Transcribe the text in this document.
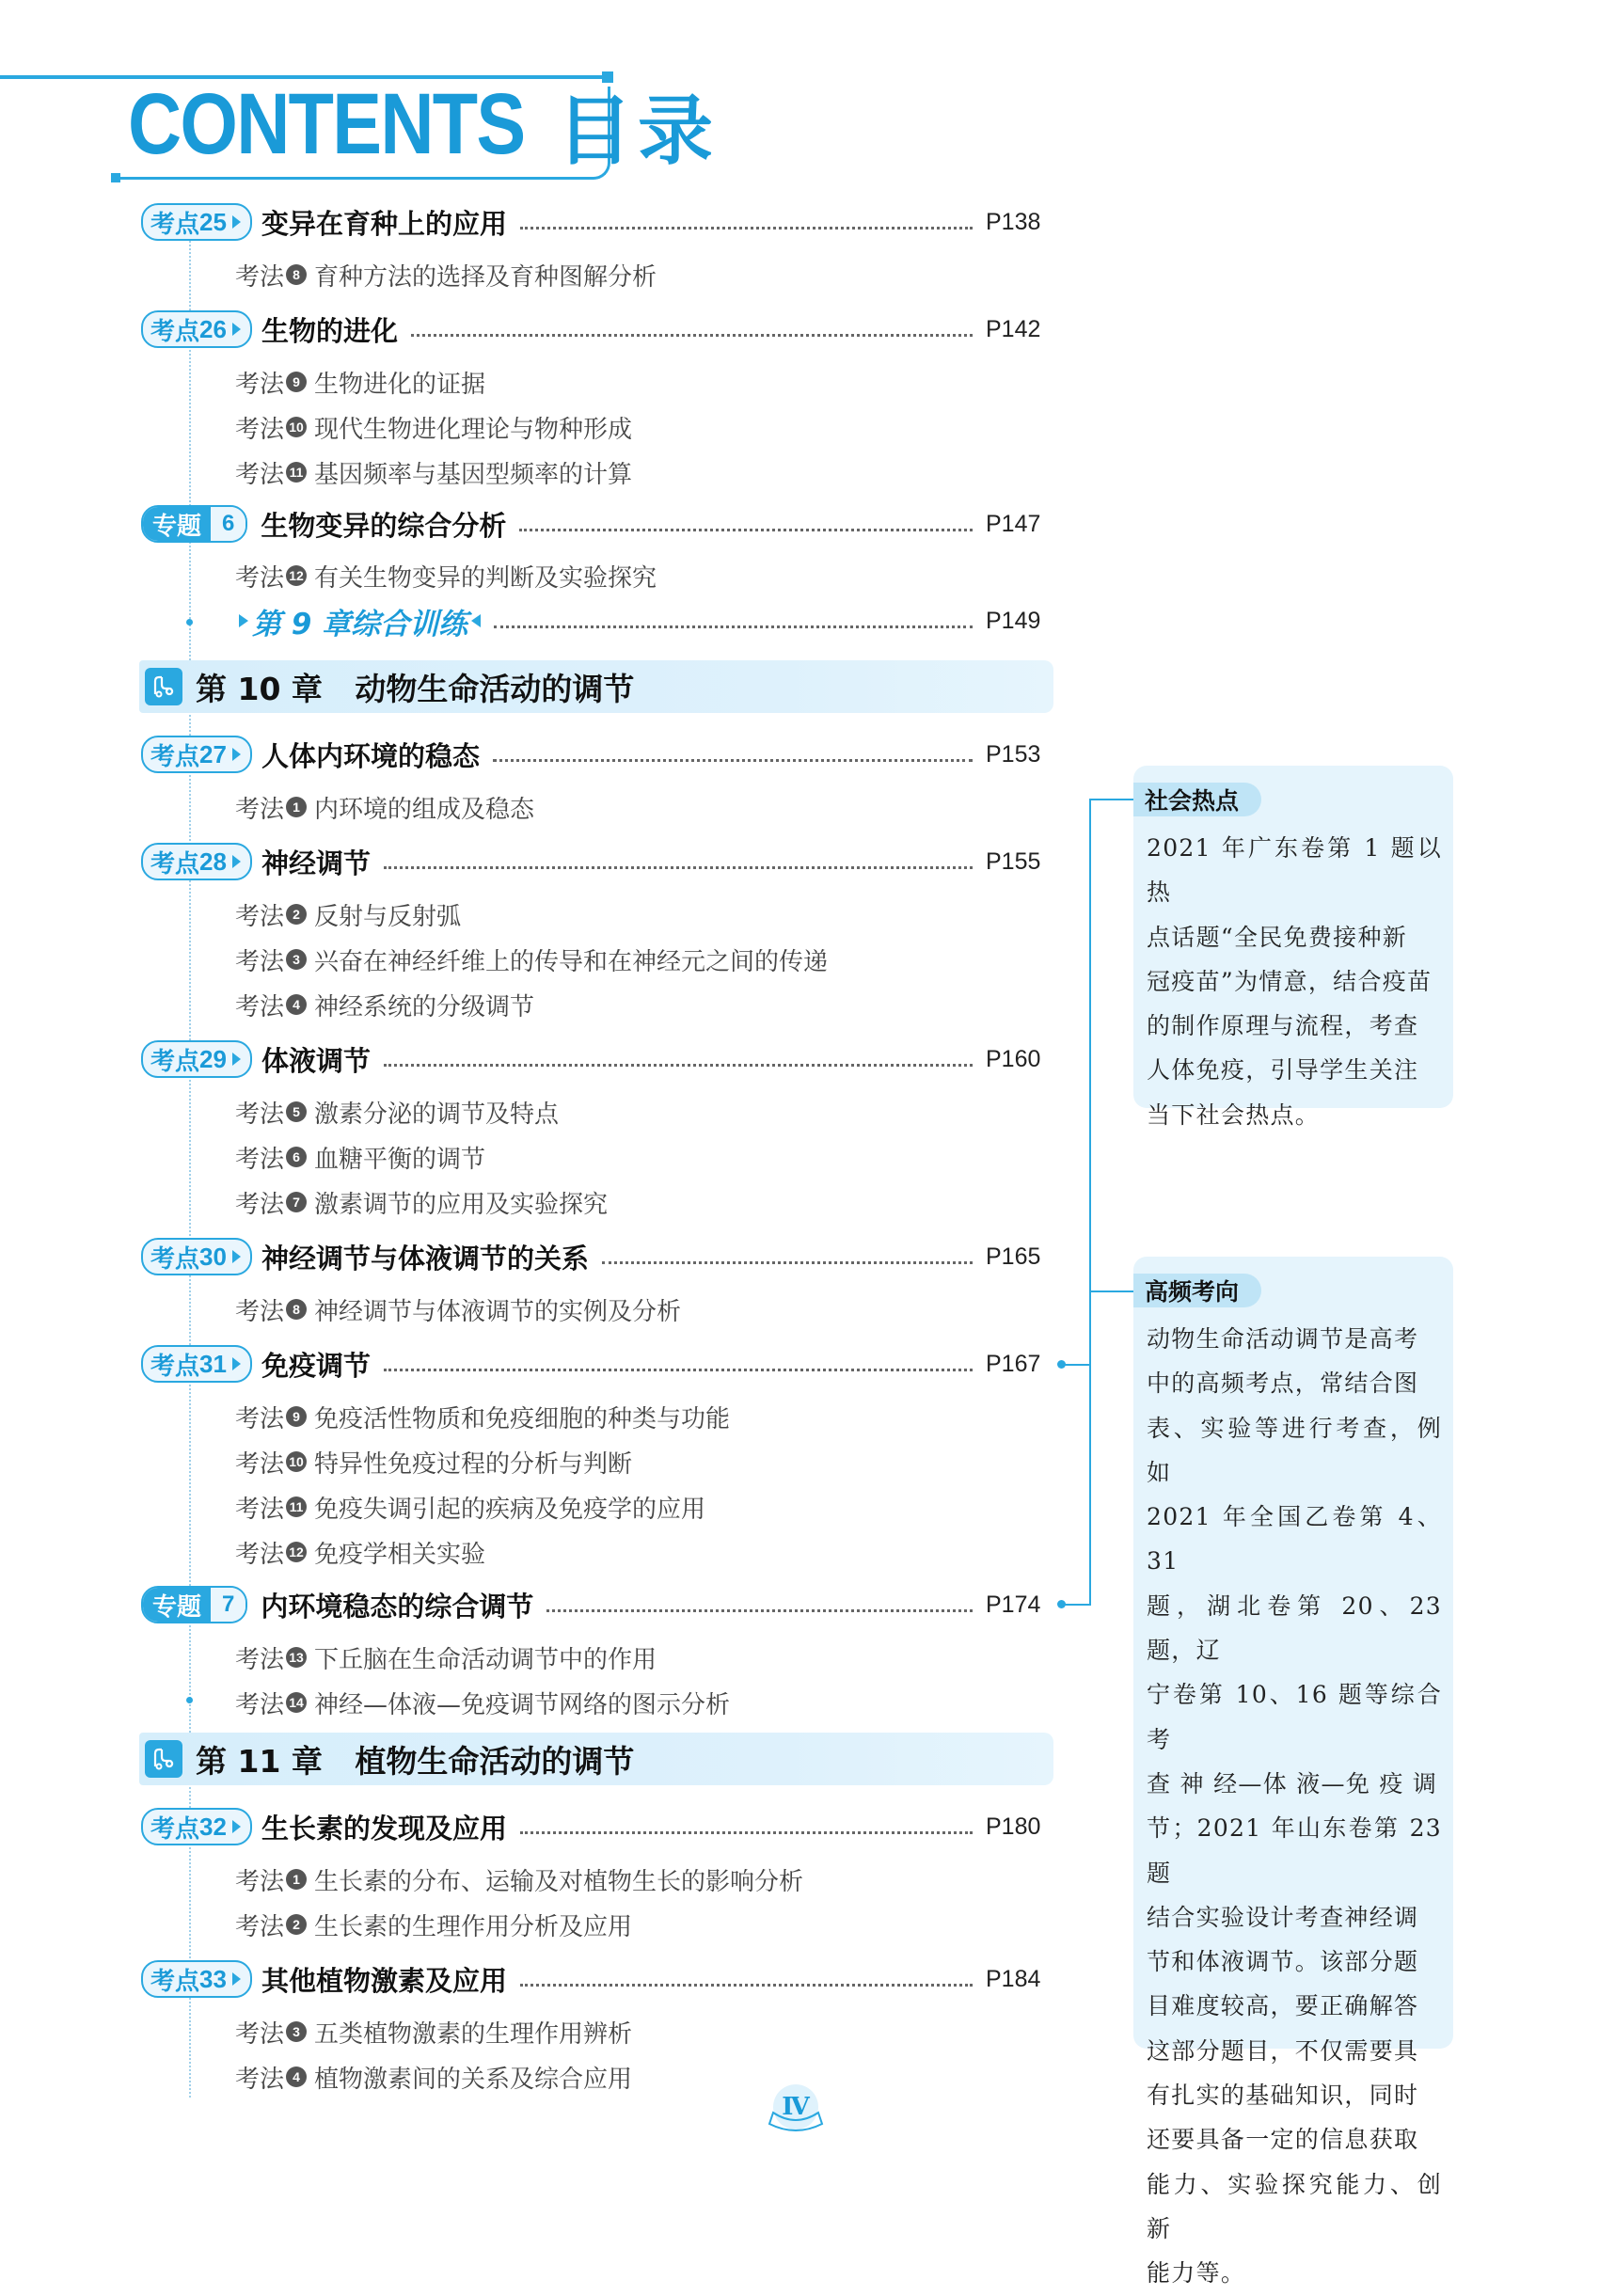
CONTENTS 目录
考点 25 变异在育种上的应用	P138
考法 8 育种方法的选择及育种图解分析
考点 26 生物的进化	P142
考法 9 生物进化的证据
考法 10 现代生物进化理论与物种形成
考法 11 基因频率与基因型频率的计算
专题 6 生物变异的综合分析	P147
考法 12 有关生物变异的判断及实验探究
第 9 章综合训练	P149
第 10 章   动物生命活动的调节
考点 27 人体内环境的稳态	P153
考法 1 内环境的组成及稳态
考点 28 神经调节	P155
考法 2 反射与反射弧
考法 3 兴奋在神经纤维上的传导和在神经元之间的传递
考法 4 神经系统的分级调节
考点 29 体液调节	P160
考法 5 激素分泌的调节及特点
考法 6 血糖平衡的调节
考法 7 激素调节的应用及实验探究
考点 30 神经调节与体液调节的关系	P165
考法 8 神经调节与体液调节的实例及分析
考点 31 免疫调节	P167
考法 9 免疫活性物质和免疫细胞的种类与功能
考法 10 特异性免疫过程的分析与判断
考法 11 免疫失调引起的疾病及免疫学的应用
考法 12 免疫学相关实验
专题 7 内环境稳态的综合调节	P174
考法 13 下丘脑在生命活动调节中的作用
考法 14 神经—体液—免疫调节网络的图示分析
第 11 章   植物生命活动的调节
考点 32 生长素的发现及应用	P180
考法 1 生长素的分布、运输及对植物生长的影响分析
考法 2 生长素的生理作用分析及应用
考点 33 其他植物激素及应用	P184
考法 3 五类植物激素的生理作用辨析
考法 4 植物激素间的关系及综合应用
社会热点
2021 年广东卷第 1 题以热
点话题“全民免费接种新
冠疫苗”为情意，结合疫苗
的制作原理与流程，考查
人体免疫，引导学生关注
当下社会热点。
高频考向
动物生命活动调节是高考
中的高频考点，常结合图
表、实验等进行考查，例如
2021 年全国乙卷第 4、31
题，湖北卷第 20、23 题，辽
宁卷第 10、16 题等综合考
查 神 经—体 液—免 疫 调
节；2021 年山东卷第 23 题
结合实验设计考查神经调
节和体液调节。该部分题
目难度较高，要正确解答
这部分题目，不仅需要具
有扎实的基础知识，同时
还要具备一定的信息获取
能力、实验探究能力、创新
能力等。
Ⅳ
